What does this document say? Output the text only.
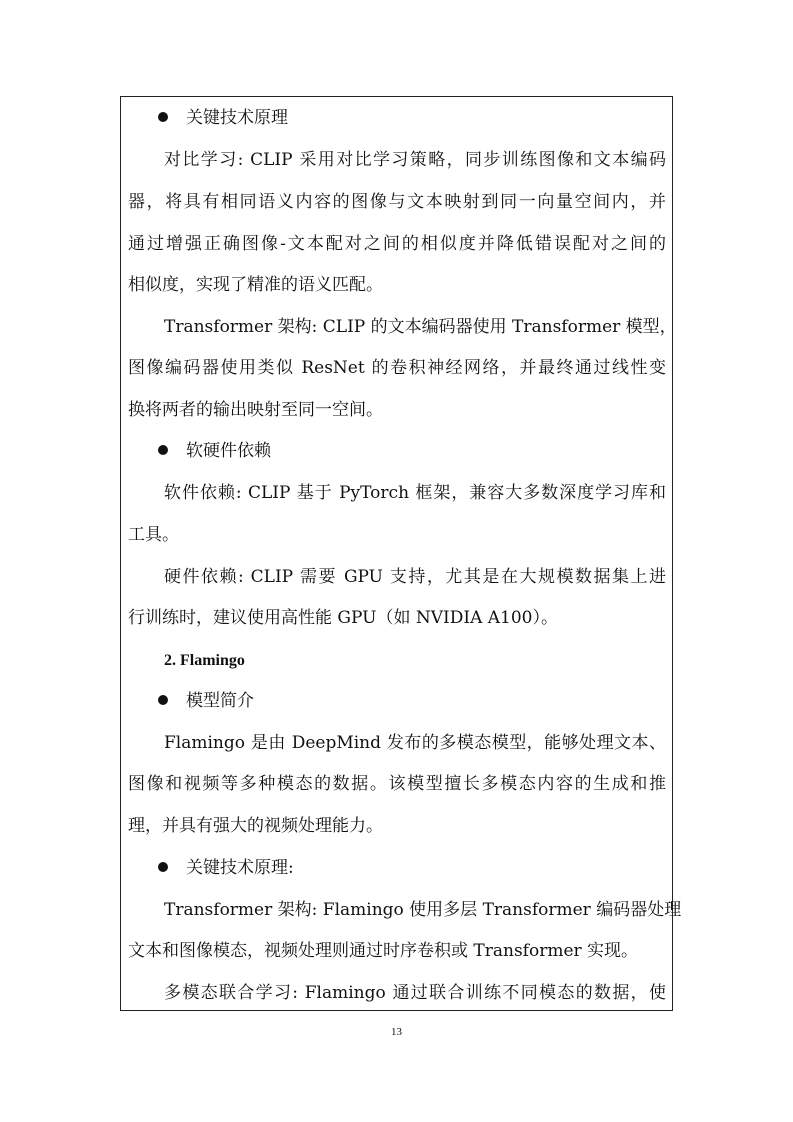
关键技术原理
对比学习: CLIP 采用对比学习策略，同步训练图像和文本编码
器，将具有相同语义内容的图像与文本映射到同一向量空间内，并
通过增强正确图像-文本配对之间的相似度并降低错误配对之间的
相似度，实现了精准的语义匹配。
Transformer 架构: CLIP 的文本编码器使用 Transformer 模型，
图像编码器使用类似 ResNet 的卷积神经网络，并最终通过线性变
换将两者的输出映射至同一空间。
软硬件依赖
软件依赖: CLIP 基于 PyTorch 框架，兼容大多数深度学习库和
工具。
硬件依赖: CLIP 需要 GPU 支持，尤其是在大规模数据集上进
行训练时，建议使用高性能 GPU（如 NVIDIA A100）。
2. Flamingo
模型简介
Flamingo 是由 DeepMind 发布的多模态模型，能够处理文本、
图像和视频等多种模态的数据。该模型擅长多模态内容的生成和推
理，并具有强大的视频处理能力。
关键技术原理:
Transformer 架构: Flamingo 使用多层 Transformer 编码器处理
文本和图像模态，视频处理则通过时序卷积或 Transformer 实现。
多模态联合学习: Flamingo 通过联合训练不同模态的数据，使
13
